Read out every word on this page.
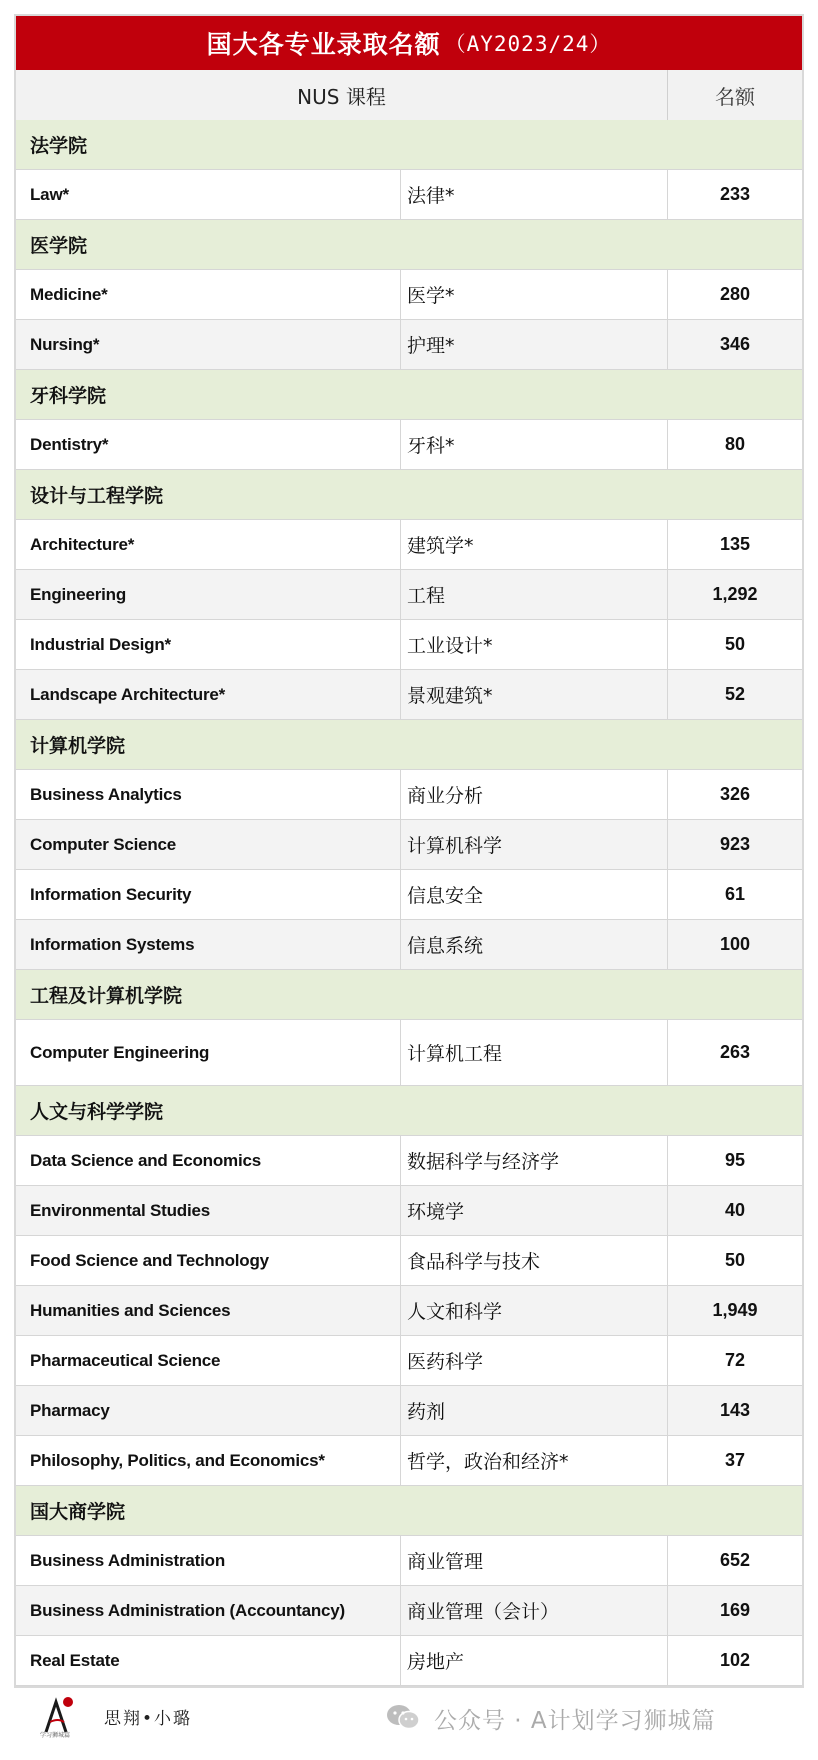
国大各专业录取名额 （AY2023/24）
NUS 课程	名额
法学院
Law*	法律*	233
医学院
Medicine*	医学*	280
Nursing*	护理*	346
牙科学院
Dentistry*	牙科*	80
设计与工程学院
Architecture*	建筑学*	135
Engineering	工程	1,292
Industrial Design*	工业设计*	50
Landscape Architecture*	景观建筑*	52
计算机学院
Business Analytics	商业分析	326
Computer Science	计算机科学	923
Information Security	信息安全	61
Information Systems	信息系统	100
工程及计算机学院
Computer Engineering	计算机工程	263
人文与科学学院
Data Science and Economics	数据科学与经济学	95
Environmental Studies	环境学	40
Food Science and Technology	食品科学与技术	50
Humanities and Sciences	人文和科学	1,949
Pharmaceutical Science	医药科学	72
Pharmacy	药剂	143
Philosophy, Politics, and Economics*	哲学，政治和经济*	37
国大商学院
Business Administration	商业管理	652
Business Administration (Accountancy)	商业管理（会计）	169
Real Estate	房地产	102
学习狮城篇
思翔•小璐	公众号 · A计划学习狮城篇
